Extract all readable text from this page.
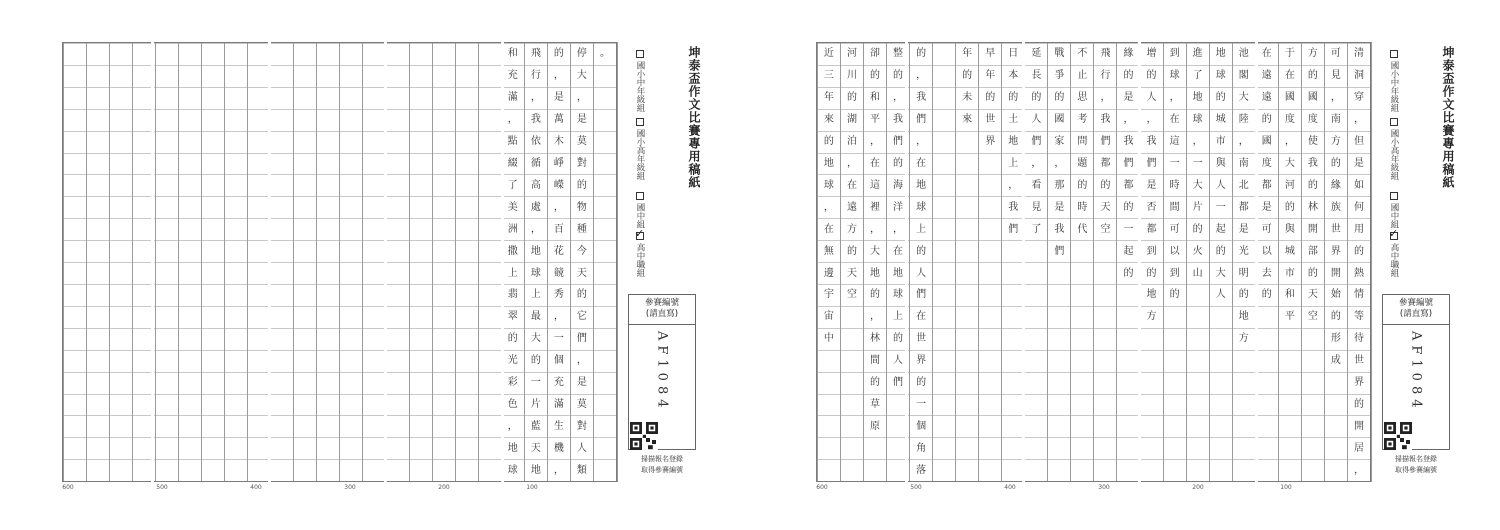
。
停
大
，
是
莫
對
的
物
種
今
天
的
它
們
，
是
莫
對
人
類
的
，
是
萬
木
崢
嶸
，
百
花
競
秀
，
一
個
充
滿
生
機
，
飛
行
，
我
依
循
高
處
，
地
球
上
最
大
的
一
片
藍
天
地
和
充
滿
，
點
綴
了
美
洲
撒
上
翡
翠
的
光
彩
色
，
地
球
600	500	400	300	200	100
坤泰盃作文比賽專用稿紙
國小中年級組
國小高年級組
國中組
✓高中職組
參賽編號
(請直寫)
AF1084
掃描報名登錄
取得參賽編號
清
洞
穿
，
但
是
如
何
用
的
熱
情
等
待
世
界
的
開
居
，
可
見
，
南
方
的
緣
族
世
界
開
始
的
形
成
方
的
國
度
使
我
的
林
開
部
的
天
空
于
在
國
度
，
大
河
的
與
城
市
和
平
在
遠
遠
的
國
度
都
是
可
以
去
的
池
閣
大
陸
，
南
北
都
是
光
明
的
地
方
地
球
的
城
市
與
人
一
起
的
大
人
進
了
地
球
，
一
大
片
的
火
山
到
球
，
在
這
一
時
間
可
以
到
的
增
的
人
，
我
們
是
否
都
到
的
地
方
緣
的
是
，
我
們
都
的
一
起
的
飛
行
，
我
們
都
的
天
空
不
止
思
考
問
題
的
時
代
戰
爭
的
國
家
，
那
是
我
們
延
長
的
人
們
，
看
見
了
日
本
的
土
地
上
，
我
們
早
年
的
世
界
年
的
未
來
的
，
我
們
，
在
地
球
上
的
人
們
在
世
界
的
一
個
角
落
整
的
，
我
們
的
海
洋
，
在
地
球
上
的
人
們
卻
的
和
平
，
在
這
裡
，
大
地
的
，
林
間
的
草
原
河
川
的
湖
泊
，
在
遠
方
的
天
空
近
三
年
來
的
地
球
，
在
無
邊
宇
宙
中
600	500	400	300	200	100
坤泰盃作文比賽專用稿紙
國小中年級組
國小高年級組
國中組
✓高中職組
參賽編號
(請直寫)
AF1084
掃描報名登錄
取得參賽編號
